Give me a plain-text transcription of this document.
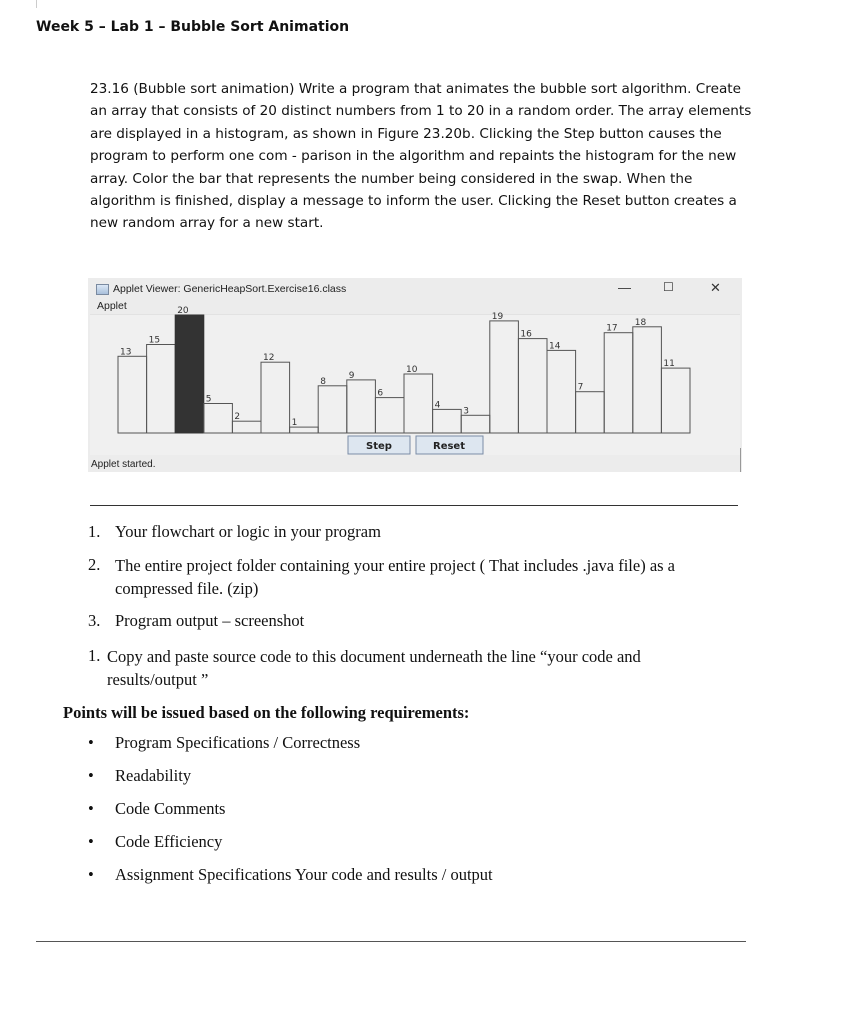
Week 5 – Lab 1 – Bubble Sort Animation
23.16 (Bubble sort animation) Write a program that animates the bubble sort algorithm. Create an array that consists of 20 distinct numbers from 1 to 20 in a random order. The array elements are displayed in a histogram, as shown in Figure 23.20b. Clicking the Step button causes the program to perform one com - parison in the algorithm and repaints the histogram for the new array. Color the bar that represents the number being considered in the swap. When the algorithm is finished, display a message to inform the user. Clicking the Reset button creates a new random array for a new start.
Applet Viewer: GenericHeapSort.Exercise16.class	—	☐	✕
Applet
13
15
20
5
2
12
1
8
9
6
10
4
3
19
16
14
7
17
18
11
Step	Reset
Applet started.
1. Your flowchart or logic in your program
2. The entire project folder containing your entire project ( That includes .java file) as a compressed file. (zip)
3. Program output – screenshot
1. Copy and paste source code to this document underneath the line “your code and results/output ”
Points will be issued based on the following requirements:
• Program Specifications / Correctness
• Readability
• Code Comments
• Code Efficiency
• Assignment Specifications Your code and results / output
